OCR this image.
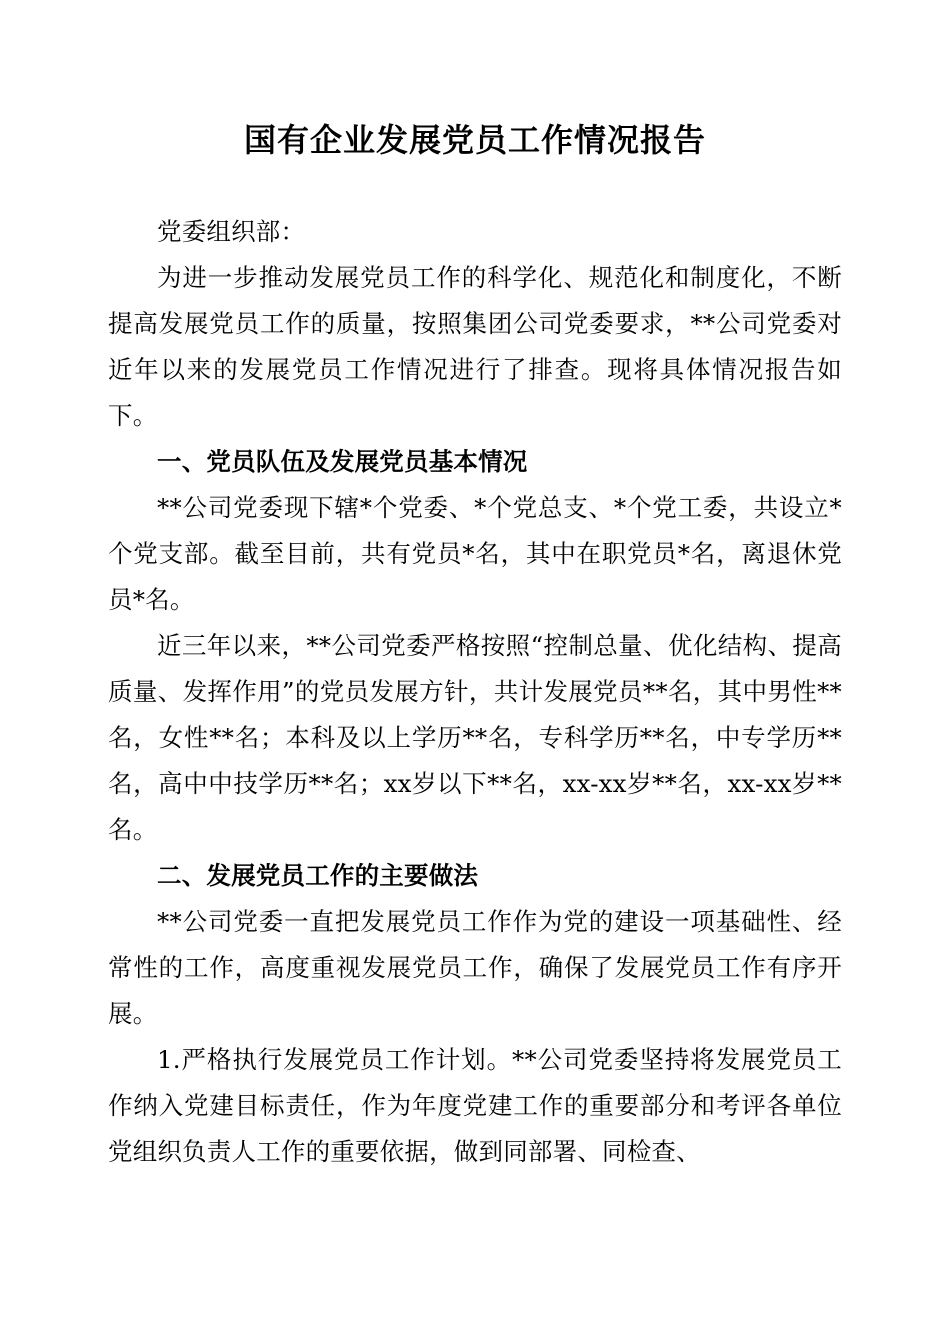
国有企业发展党员工作情况报告

党委组织部：

为进一步推动发展党员工作的科学化、规范化和制度化，不断提高发展党员工作的质量，按照集团公司党委要求，**公司党委对近年以来的发展党员工作情况进行了排查。现将具体情况报告如下。

一、党员队伍及发展党员基本情况

**公司党委现下辖*个党委、*个党总支、*个党工委，共设立*个党支部。截至目前，共有党员*名，其中在职党员*名，离退休党员*名。

近三年以来，**公司党委严格按照“控制总量、优化结构、提高质量、发挥作用”的党员发展方针，共计发展党员**名，其中男性**名，女性**名；本科及以上学历**名，专科学历**名，中专学历**名，高中中技学历**名；xx岁以下**名，xx-xx岁**名，xx-xx岁**名。

二、发展党员工作的主要做法

**公司党委一直把发展党员工作作为党的建设一项基础性、经常性的工作，高度重视发展党员工作，确保了发展党员工作有序开展。

1.严格执行发展党员工作计划。**公司党委坚持将发展党员工作纳入党建目标责任，作为年度党建工作的重要部分和考评各单位党组织负责人工作的重要依据，做到同部署、同检查、
